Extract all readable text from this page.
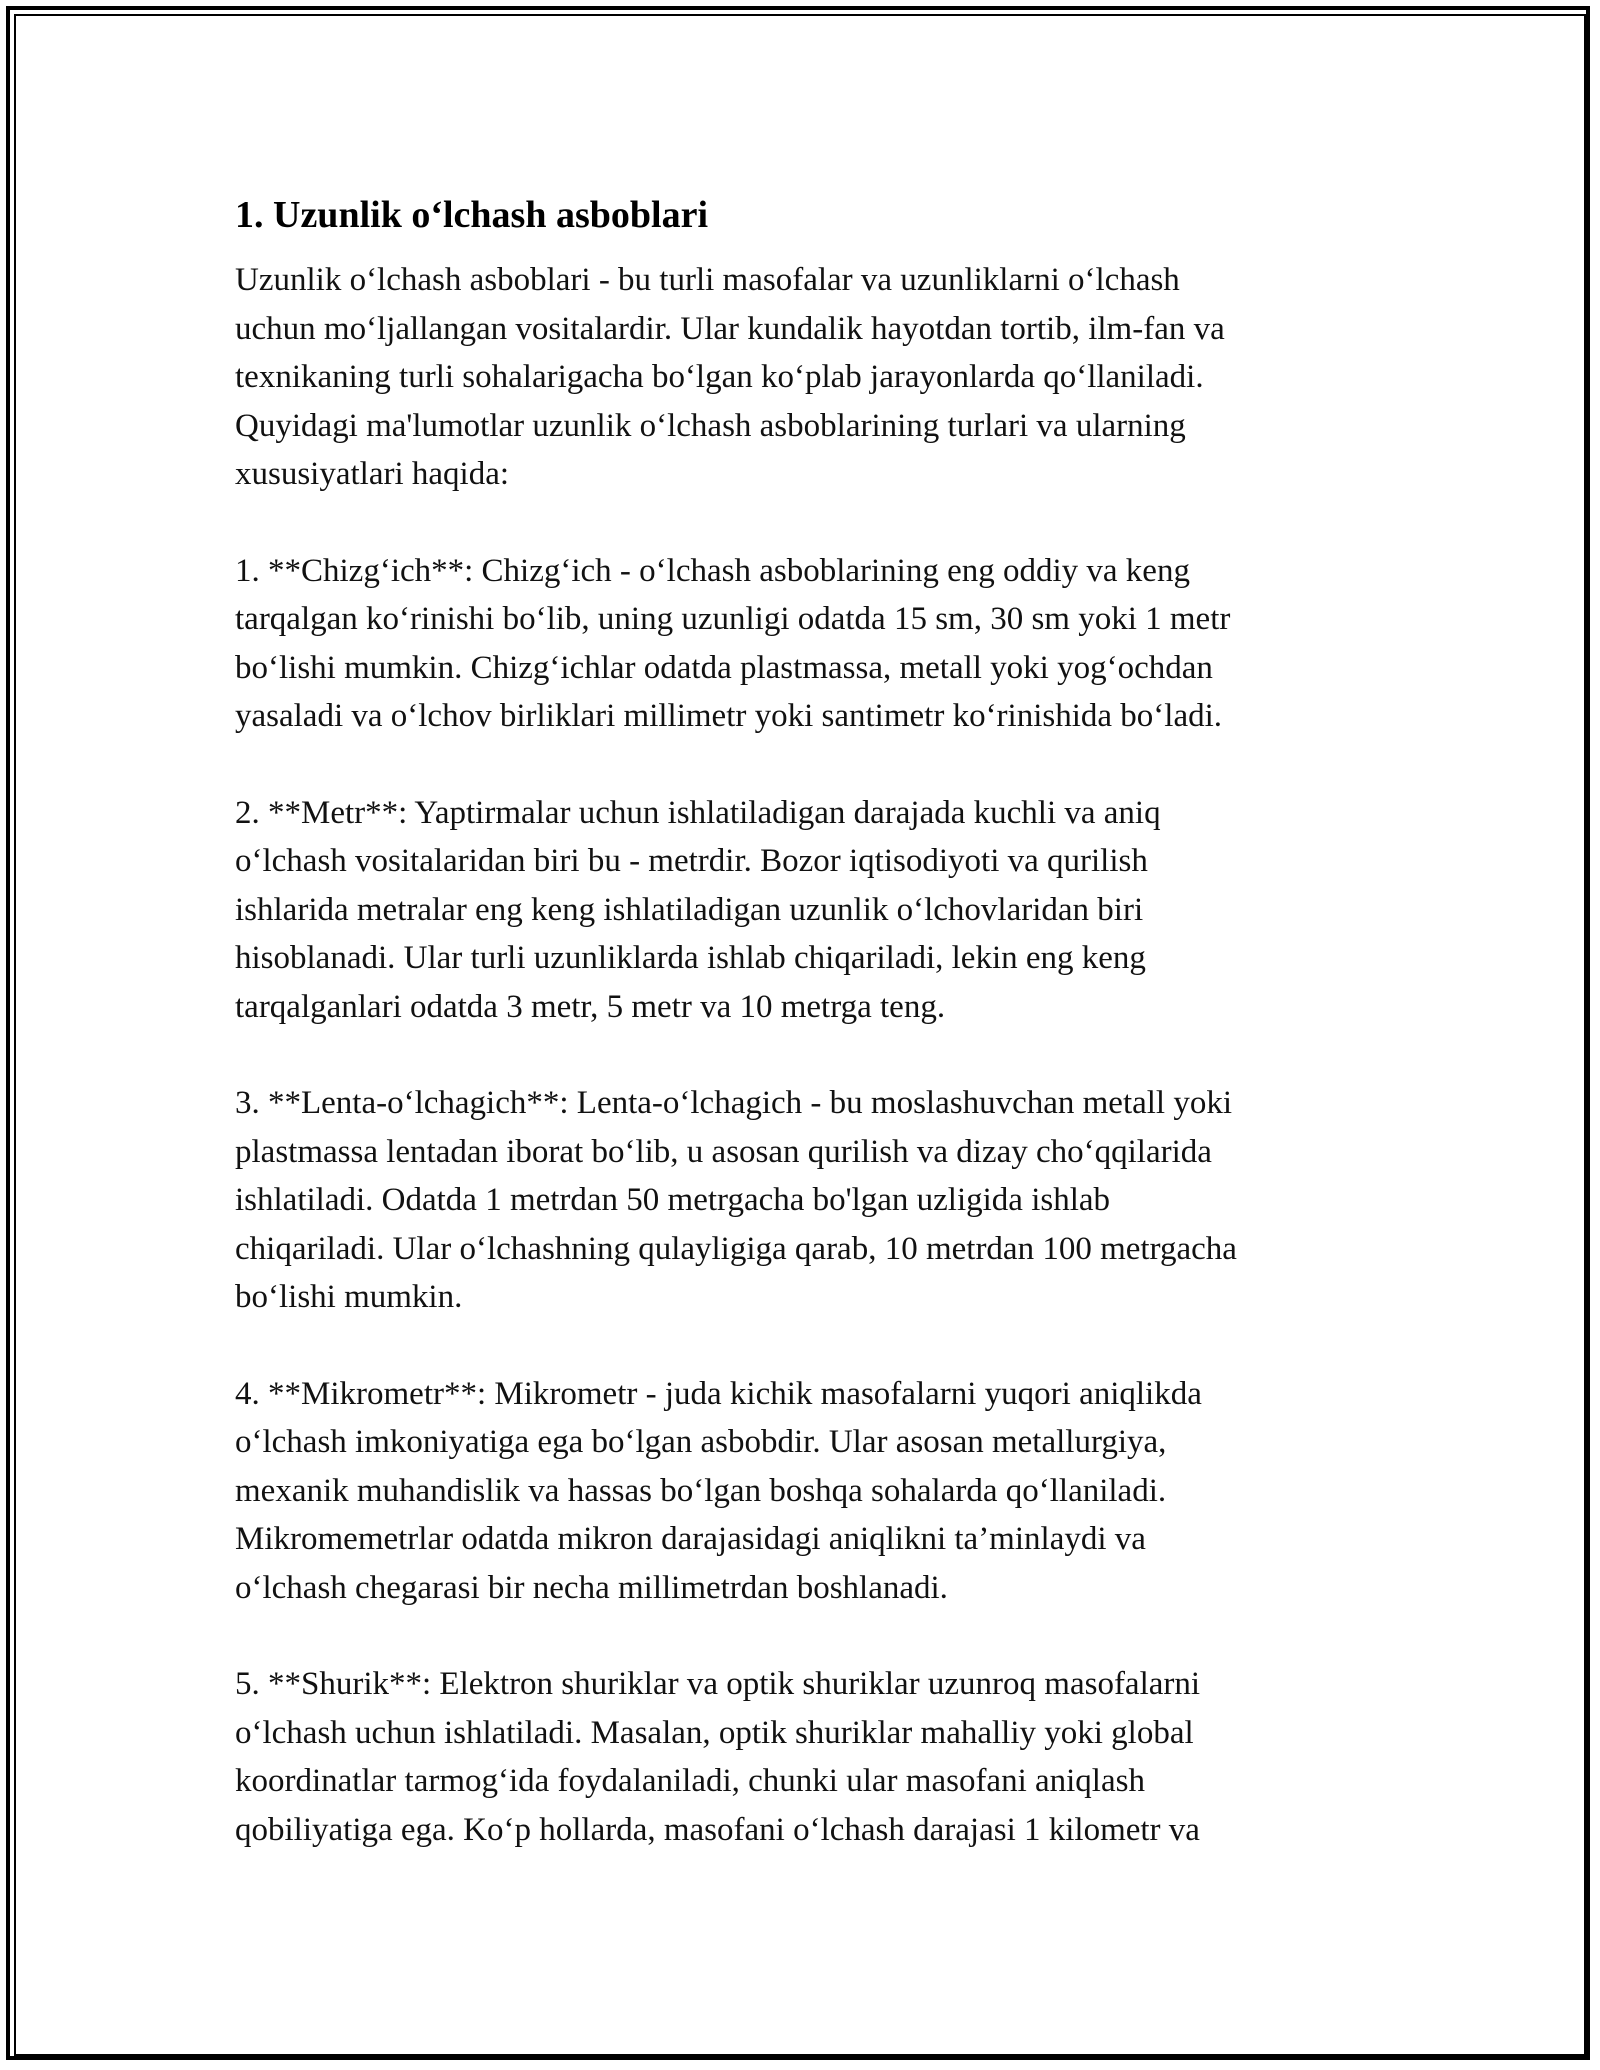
1. Uzunlik o‘lchash asboblari

Uzunlik o‘lchash asboblari - bu turli masofalar va uzunliklarni o‘lchash
uchun mo‘ljallangan vositalardir. Ular kundalik hayotdan tortib, ilm-fan va
texnikaning turli sohalarigacha bo‘lgan ko‘plab jarayonlarda qo‘llaniladi.
Quyidagi ma'lumotlar uzunlik o‘lchash asboblarining turlari va ularning
xususiyatlari haqida:

1. **Chizg‘ich**: Chizg‘ich - o‘lchash asboblarining eng oddiy va keng
tarqalgan ko‘rinishi bo‘lib, uning uzunligi odatda 15 sm, 30 sm yoki 1 metr
bo‘lishi mumkin. Chizg‘ichlar odatda plastmassa, metall yoki yog‘ochdan
yasaladi va o‘lchov birliklari millimetr yoki santimetr ko‘rinishida bo‘ladi.

2. **Metr**: Yaptirmalar uchun ishlatiladigan darajada kuchli va aniq
o‘lchash vositalaridan biri bu - metrdir. Bozor iqtisodiyoti va qurilish
ishlarida metralar eng keng ishlatiladigan uzunlik o‘lchovlaridan biri
hisoblanadi. Ular turli uzunliklarda ishlab chiqariladi, lekin eng keng
tarqalganlari odatda 3 metr, 5 metr va 10 metrga teng.

3. **Lenta-o‘lchagich**: Lenta-o‘lchagich - bu moslashuvchan metall yoki
plastmassa lentadan iborat bo‘lib, u asosan qurilish va dizay cho‘qqilarida
ishlatiladi. Odatda 1 metrdan 50 metrgacha bo'lgan uzligida ishlab
chiqariladi. Ular o‘lchashning qulayligiga qarab, 10 metrdan 100 metrgacha
bo‘lishi mumkin.

4. **Mikrometr**: Mikrometr - juda kichik masofalarni yuqori aniqlikda
o‘lchash imkoniyatiga ega bo‘lgan asbobdir. Ular asosan metallurgiya,
mexanik muhandislik va hassas bo‘lgan boshqa sohalarda qo‘llaniladi.
Mikromemetrlar odatda mikron darajasidagi aniqlikni ta’minlaydi va
o‘lchash chegarasi bir necha millimetrdan boshlanadi.

5. **Shurik**: Elektron shuriklar va optik shuriklar uzunroq masofalarni
o‘lchash uchun ishlatiladi. Masalan, optik shuriklar mahalliy yoki global
koordinatlar tarmog‘ida foydalaniladi, chunki ular masofani aniqlash
qobiliyatiga ega. Ko‘p hollarda, masofani o‘lchash darajasi 1 kilometr va
